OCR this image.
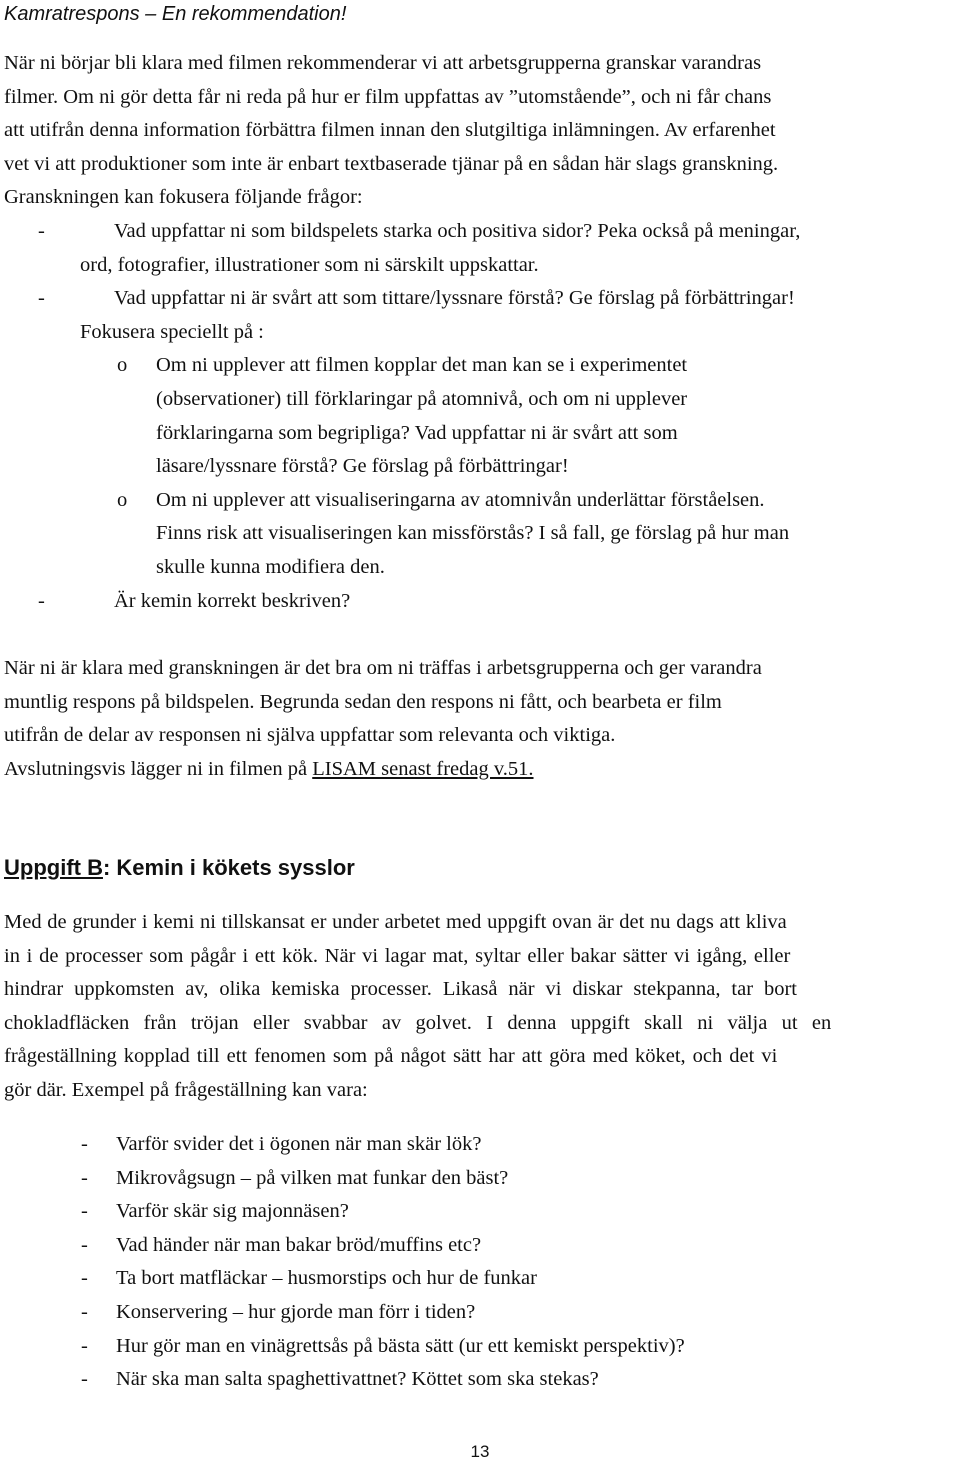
Kamratrespons – En rekommendation!
När ni börjar bli klara med filmen rekommenderar vi att arbetsgrupperna granskar varandras
filmer. Om ni gör detta får ni reda på hur er film uppfattas av ”utomstående”, och ni får chans
att utifrån denna information förbättra filmen innan den slutgiltiga inlämningen. Av erfarenhet
vet vi att produktioner som inte är enbart textbaserade tjänar på en sådan här slags granskning.
Granskningen kan fokusera följande frågor:
-	Vad uppfattar ni som bildspelets starka och positiva sidor? Peka också på meningar,
ord, fotografier, illustrationer som ni särskilt uppskattar.
-	Vad uppfattar ni är svårt att som tittare/lyssnare förstå? Ge förslag på förbättringar!
Fokusera speciellt på :
o	Om ni upplever att filmen kopplar det man kan se i experimentet
(observationer) till förklaringar på atomnivå, och om ni upplever
förklaringarna som begripliga? Vad uppfattar ni är svårt att som
läsare/lyssnare förstå? Ge förslag på förbättringar!
o	Om ni upplever att visualiseringarna av atomnivån underlättar förståelsen.
Finns risk att visualiseringen kan missförstås? I så fall, ge förslag på hur man
skulle kunna modifiera den.
-	Är kemin korrekt beskriven?
När ni är klara med granskningen är det bra om ni träffas i arbetsgrupperna och ger varandra
muntlig respons på bildspelen. Begrunda sedan den respons ni fått, och bearbeta er film
utifrån de delar av responsen ni själva uppfattar som relevanta och viktiga.
Avslutningsvis lägger ni in filmen på LISAM senast fredag v.51.
Uppgift B: Kemin i kökets sysslor
Med de grunder i kemi ni tillskansat er under arbetet med uppgift ovan är det nu dags att kliva
in i de processer som pågår i ett kök. När vi lagar mat, syltar eller bakar sätter vi igång, eller
hindrar uppkomsten av, olika kemiska processer. Likaså när vi diskar stekpanna, tar bort
chokladfläcken från tröjan eller svabbar av golvet. I denna uppgift skall ni välja ut en
frågeställning kopplad till ett fenomen som på något sätt har att göra med köket, och det vi
gör där. Exempel på frågeställning kan vara:
-	Varför svider det i ögonen när man skär lök?
-	Mikrovågsugn – på vilken mat funkar den bäst?
-	Varför skär sig majonnäsen?
-	Vad händer när man bakar bröd/muffins etc?
-	Ta bort matfläckar – husmorstips och hur de funkar
-	Konservering – hur gjorde man förr i tiden?
-	Hur gör man en vinägrettsås på bästa sätt (ur ett kemiskt perspektiv)?
-	När ska man salta spaghettivattnet? Köttet som ska stekas?
13
